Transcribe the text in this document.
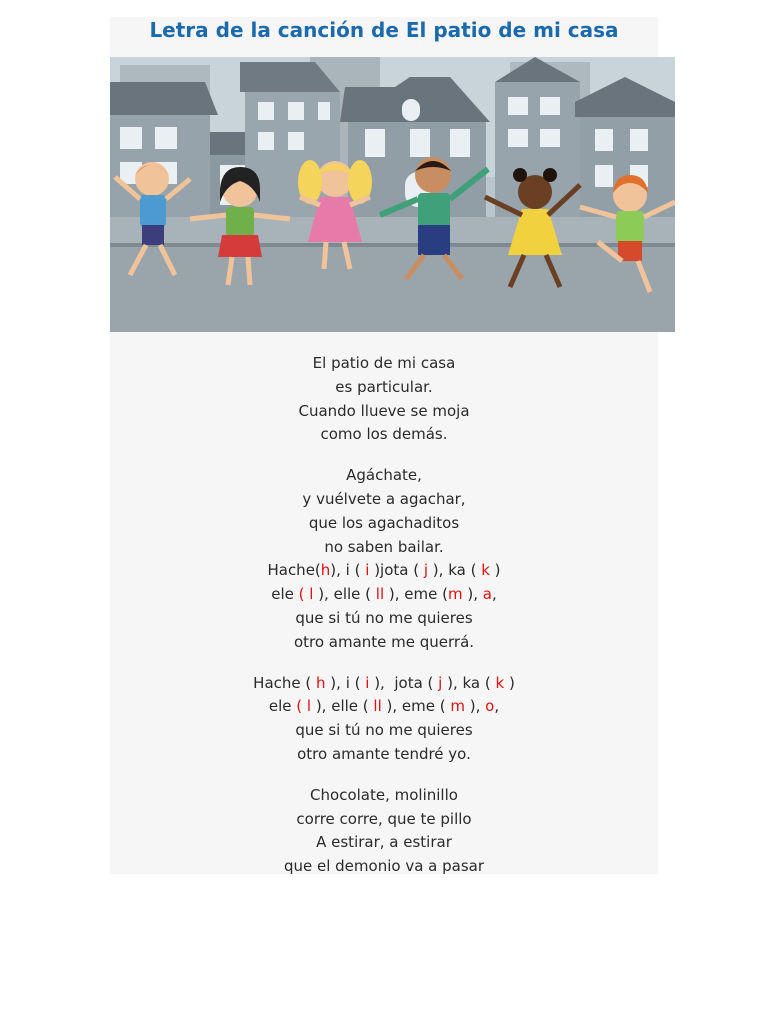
Letra de la canción de El patio de mi casa
El patio de mi casa
es particular.
Cuando llueve se moja
como los demás.
Agáchate,
y vuélvete a agachar,
que los agachaditos
no saben bailar.
Hache(h), i ( i )jota ( j ), ka ( k )
ele ( l ), elle ( ll ), eme (m ), a,
que si tú no me quieres
otro amante me querrá.
Hache ( h ), i ( i ),  jota ( j ), ka ( k )
ele ( l ), elle ( ll ), eme ( m ), o,
que si tú no me quieres
otro amante tendré yo.
Chocolate, molinillo
corre corre, que te pillo
A estirar, a estirar
que el demonio va a pasar
